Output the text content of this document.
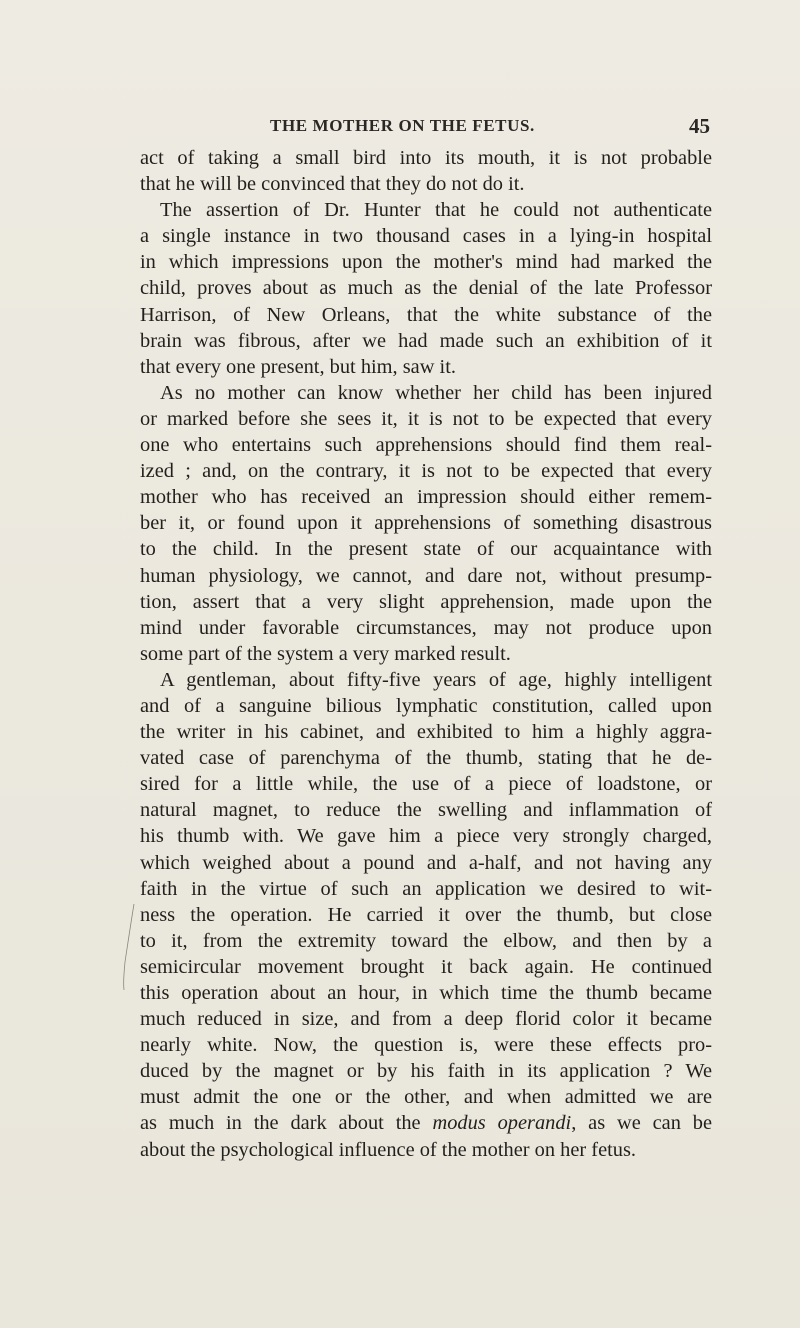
THE MOTHER ON THE FETUS.	45
act of taking a small bird into its mouth, it is not probable
that he will be convinced that they do not do it.
The assertion of Dr. Hunter that he could not authenticate
a single instance in two thousand cases in a lying-in hospital
in which impressions upon the mother's mind had marked the
child, proves about as much as the denial of the late Professor
Harrison, of New Orleans, that the white substance of the
brain was fibrous, after we had made such an exhibition of it
that every one present, but him, saw it.
As no mother can know whether her child has been injured
or marked before she sees it, it is not to be expected that every
one who entertains such apprehensions should find them real-
ized ; and, on the contrary, it is not to be expected that every
mother who has received an impression should either remem-
ber it, or found upon it apprehensions of something disastrous
to the child. In the present state of our acquaintance with
human physiology, we cannot, and dare not, without presump-
tion, assert that a very slight apprehension, made upon the
mind under favorable circumstances, may not produce upon
some part of the system a very marked result.
A gentleman, about fifty-five years of age, highly intelligent
and of a sanguine bilious lymphatic constitution, called upon
the writer in his cabinet, and exhibited to him a highly aggra-
vated case of parenchyma of the thumb, stating that he de-
sired for a little while, the use of a piece of loadstone, or
natural magnet, to reduce the swelling and inflammation of
his thumb with. We gave him a piece very strongly charged,
which weighed about a pound and a-half, and not having any
faith in the virtue of such an application we desired to wit-
ness the operation. He carried it over the thumb, but close
to it, from the extremity toward the elbow, and then by a
semicircular movement brought it back again. He continued
this operation about an hour, in which time the thumb became
much reduced in size, and from a deep florid color it became
nearly white. Now, the question is, were these effects pro-
duced by the magnet or by his faith in its application ? We
must admit the one or the other, and when admitted we are
as much in the dark about the modus operandi, as we can be
about the psychological influence of the mother on her fetus.
